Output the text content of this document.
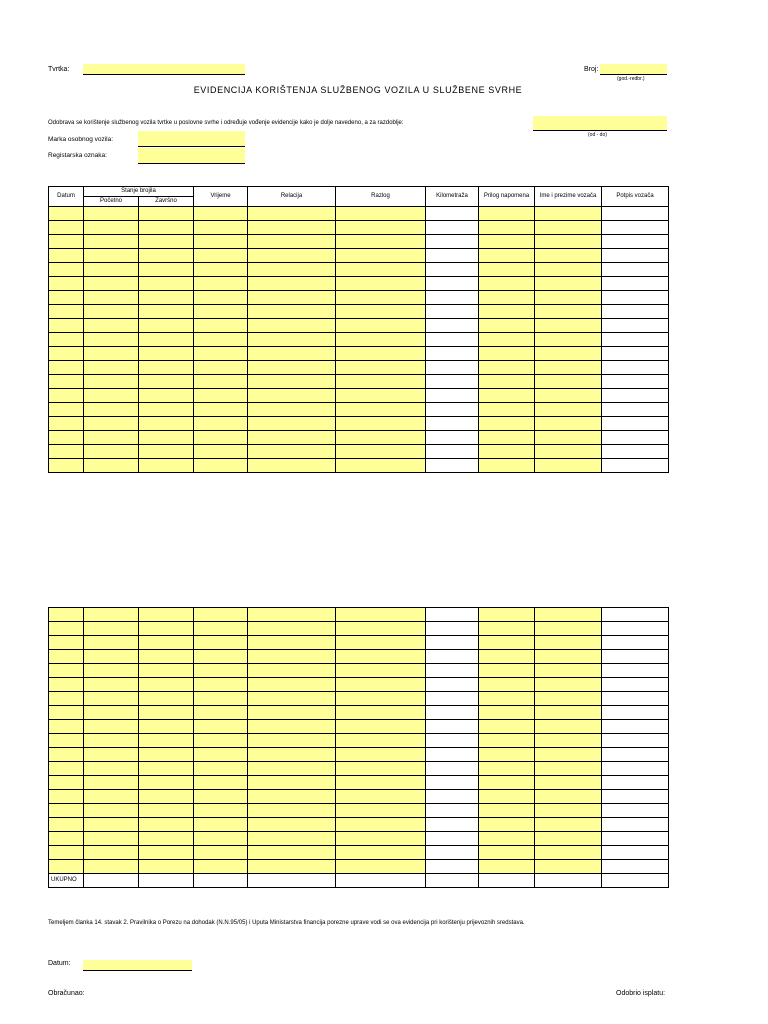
Tvrtka:	Broj:
(god.-redbr.)
EVIDENCIJA KORIŠTENJA SLUŽBENOG VOZILA U SLUŽBENE SVRHE
Odobrava se korištenje službenog vozila tvrtke u poslovne svrhe i određuje vođenje evidencije kako je dolje navedeno, a za razdoblje:
(od - do)
Marka osobnog vozila:
Registarska oznaka:
Datum	Stanje brojila		Vrijeme	Relacija	Razlog	Kilometraža	Prilog napomena	Ime i prezime vozača	Potpis vozača
	Početno	Završno							

UKUPNO									
Temeljem članka 14. stavak 2. Pravilnika o Porezu na dohodak (N.N.95/05) i Uputa Ministarstva financija porezne uprave vodi se ova evidencija pri korištenju prijevoznih sredstava.
Datum:
Obračunao:	Odobrio isplatu:
